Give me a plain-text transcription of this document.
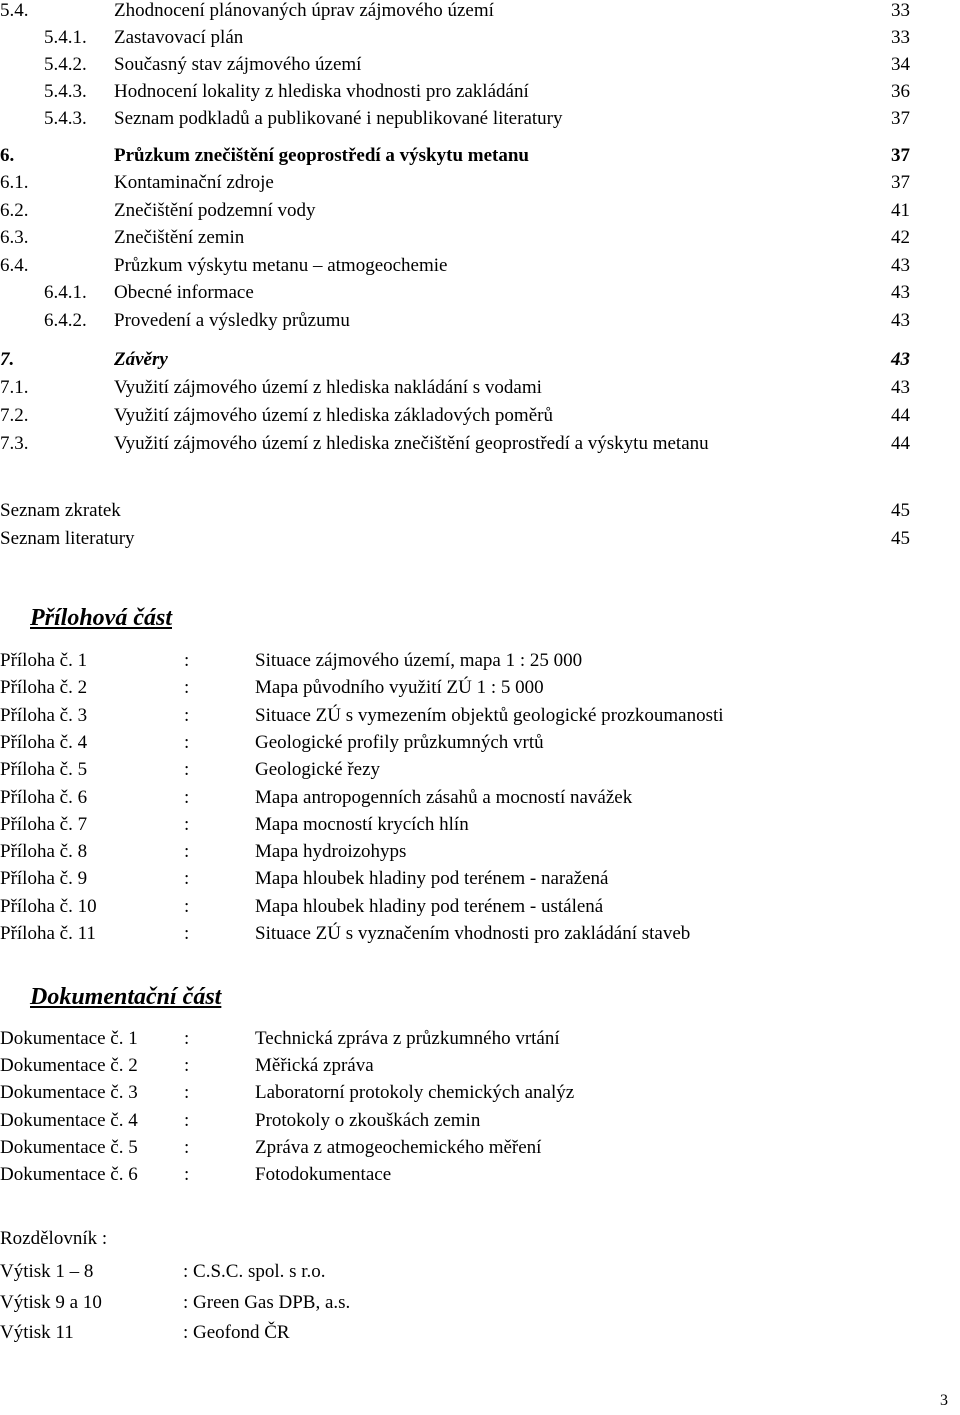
5.4.	Zhodnocení plánovaných úprav zájmového území	33
5.4.1. Zastavovací plán	33
5.4.2. Současný stav zájmového území	34
5.4.3. Hodnocení lokality z hlediska vhodnosti pro zakládání	36
5.4.3. Seznam podkladů a publikované i nepublikované literatury	37
6.	Průzkum znečištění geoprostředí a výskytu metanu	37
6.1.	Kontaminační zdroje	37
6.2.	Znečištění podzemní vody	41
6.3.	Znečištění zemin	42
6.4.	Průzkum výskytu metanu – atmogeochemie	43
6.4.1. Obecné informace	43
6.4.2. Provedení a výsledky průzumu	43
7.	Závěry	43
7.1.	Využití zájmového území z hlediska nakládání s vodami	43
7.2.	Využití zájmového území z hlediska základových poměrů	44
7.3.	Využití zájmového území z hlediska znečištění geoprostředí a výskytu metanu	44
Seznam zkratek	45
Seznam literatury	45
Přílohová část
Příloha č. 1	:	Situace zájmového území, mapa 1 : 25 000
Příloha č. 2	:	Mapa původního využití ZÚ 1 : 5 000
Příloha č. 3	:	Situace ZÚ s vymezením objektů geologické prozkoumanosti
Příloha č. 4	:	Geologické profily průzkumných vrtů
Příloha č. 5	:	Geologické řezy
Příloha č. 6	:	Mapa antropogenních zásahů a mocností navážek
Příloha č. 7	:	Mapa mocností krycích hlín
Příloha č. 8	:	Mapa hydroizohyps
Příloha č. 9	:	Mapa hloubek hladiny pod terénem - naražená
Příloha č. 10	:	Mapa hloubek hladiny pod terénem - ustálená
Příloha č. 11	:	Situace ZÚ s vyznačením vhodnosti pro zakládání staveb
Dokumentační část
Dokumentace č. 1 :	Technická zpráva z průzkumného vrtání
Dokumentace č. 2 :	Měřická zpráva
Dokumentace č. 3 :	Laboratorní protokoly chemických analýz
Dokumentace č. 4 :	Protokoly o zkouškách zemin
Dokumentace č. 5 :	Zpráva z atmogeochemického měření
Dokumentace č. 6 :	Fotodokumentace
Rozdělovník :
Výtisk 1 – 8	: C.S.C. spol. s r.o.
Výtisk 9 a 10	: Green Gas DPB, a.s.
Výtisk 11	: Geofond ČR
3
